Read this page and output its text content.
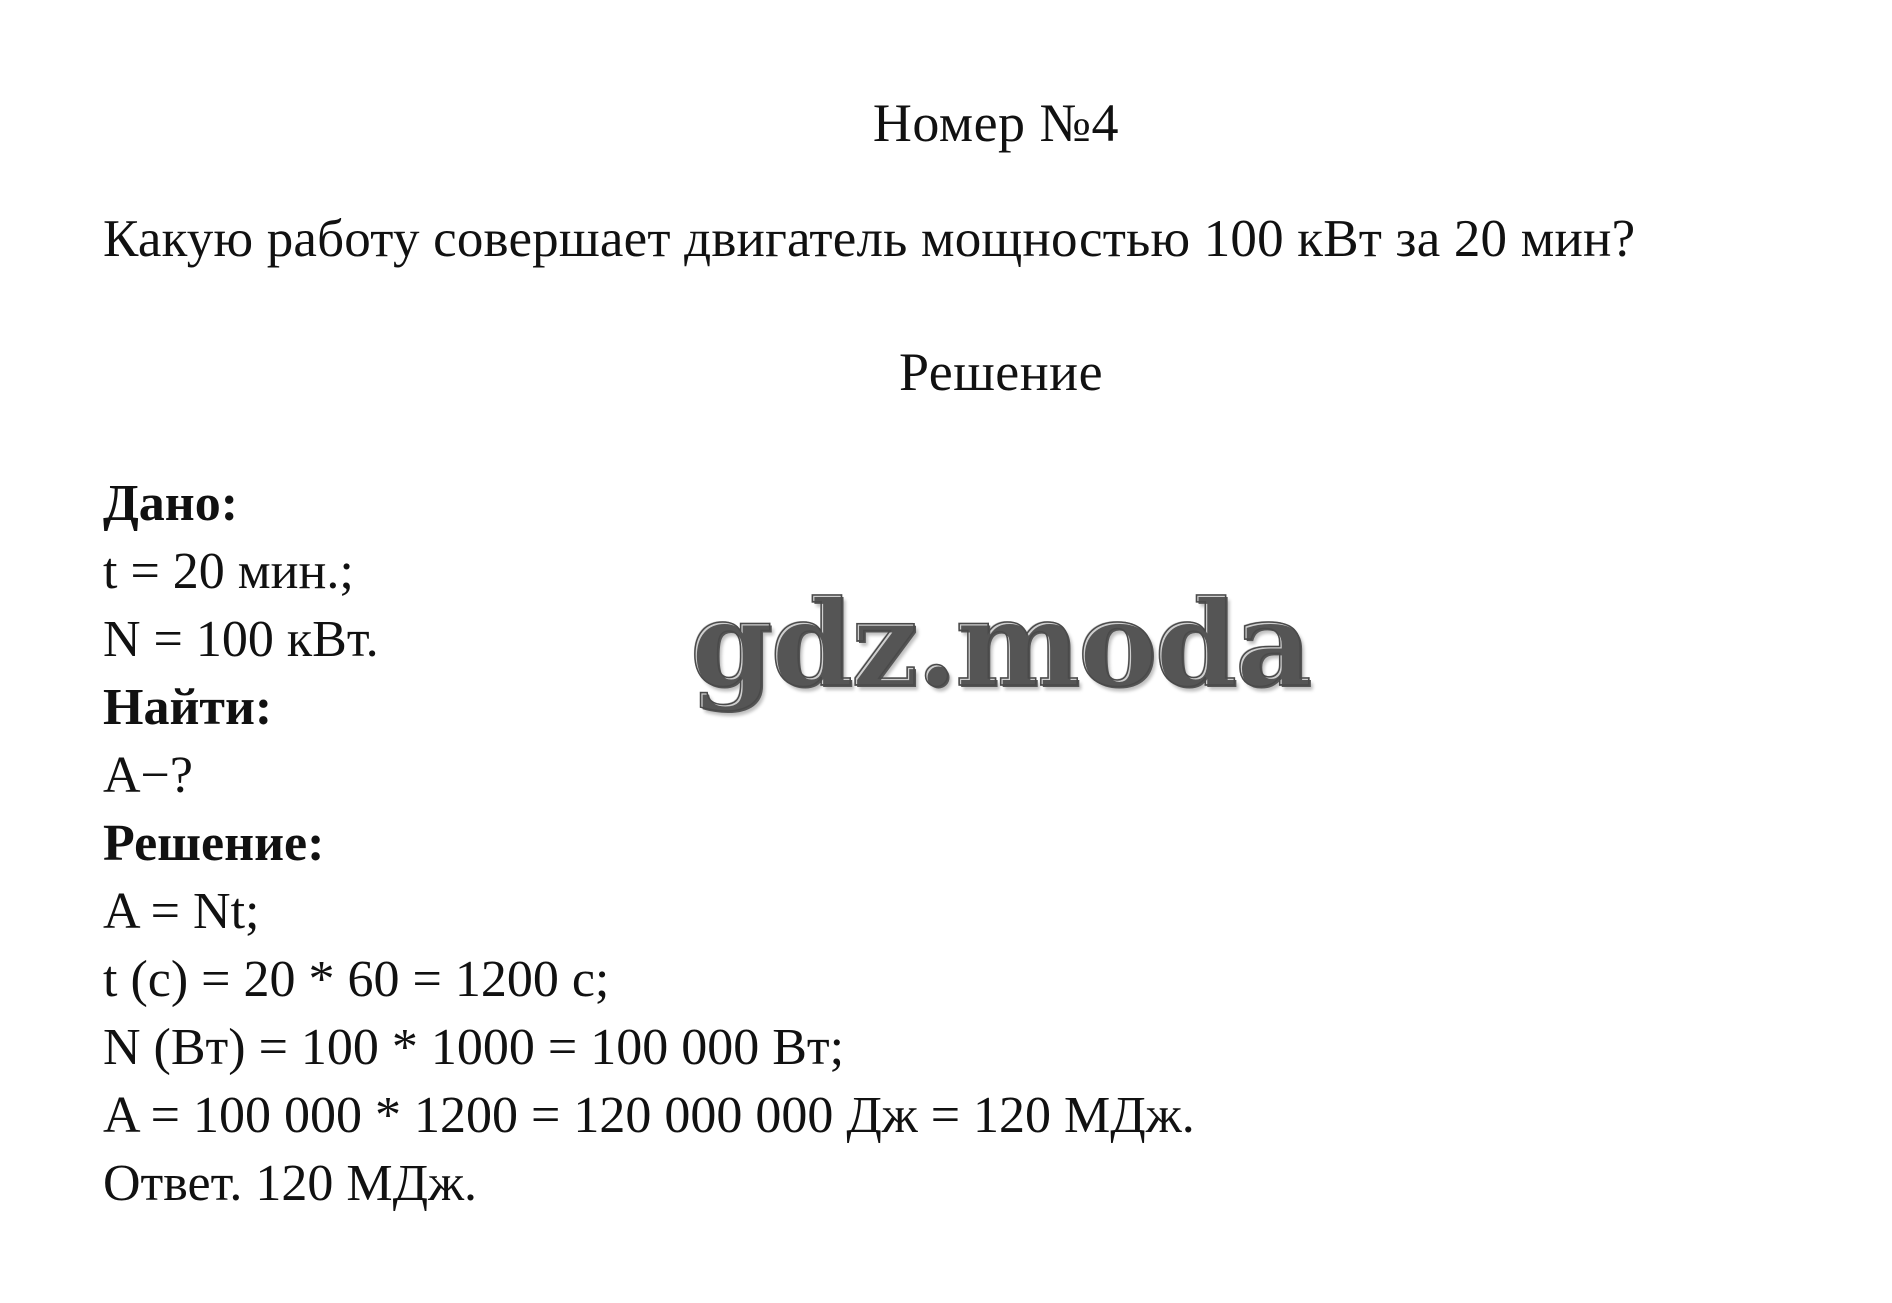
Номер №4
Какую работу совершает двигатель мощностью 100 кВт за 20 мин?
Решение
Дано:
t = 20 мин.;
N = 100 кВт.
Найти:
A−?
Решение:
A = Nt;
t (с) = 20 * 60 = 1200 с;
N (Вт) = 100 * 1000 = 100 000 Вт;
A = 100 000 * 1200 = 120 000 000 Дж = 120 МДж.
Ответ. 120 МДж.
gdz.moda
